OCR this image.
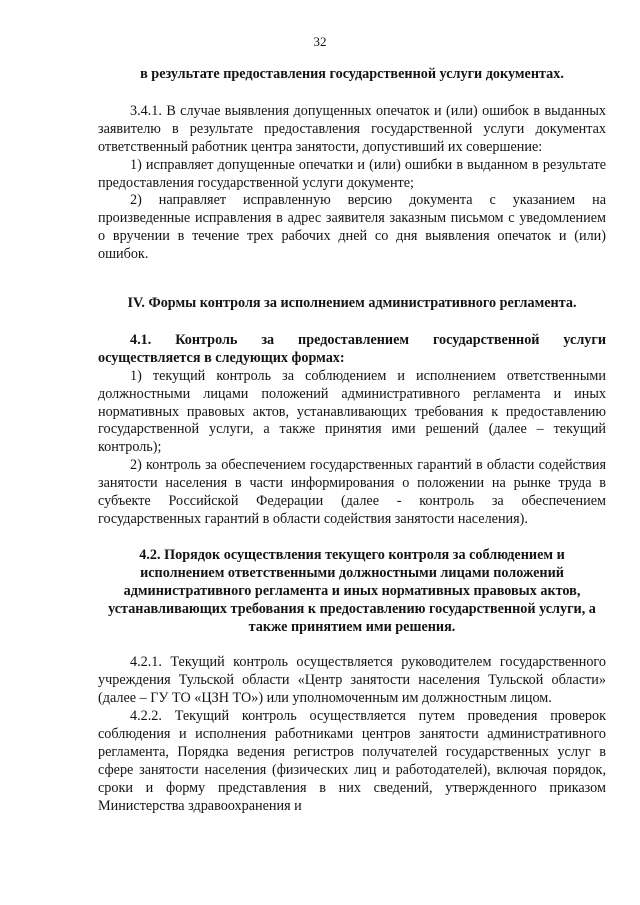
32

в результате предоставления государственной услуги документах.

3.4.1. В случае выявления допущенных опечаток и (или) ошибок в выданных заявителю в результате предоставления государственной услуги документах ответственный работник центра занятости, допустивший их совершение:

1) исправляет допущенные опечатки и (или) ошибки в выданном в результате предоставления государственной услуги документе;

2) направляет исправленную версию документа с указанием на произведенные исправления в адрес заявителя заказным письмом с уведомлением о вручении в течение трех рабочих дней со дня выявления опечаток и (или) ошибок.

IV. Формы контроля за исполнением административного регламента.

4.1. Контроль за предоставлением государственной услуги осуществляется в следующих формах:

1) текущий контроль за соблюдением и исполнением ответственными должностными лицами положений административного регламента и иных нормативных правовых актов, устанавливающих требования к предоставлению государственной услуги, а также принятия ими решений (далее – текущий контроль);

2) контроль за обеспечением государственных гарантий в области содействия занятости населения в части информирования о положении на рынке труда в субъекте Российской Федерации (далее - контроль за обеспечением государственных гарантий в области содействия занятости населения).

4.2. Порядок осуществления текущего контроля за соблюдением и исполнением ответственными должностными лицами положений административного регламента и иных нормативных правовых актов, устанавливающих требования к предоставлению государственной услуги, а также принятием ими решения.

4.2.1. Текущий контроль осуществляется руководителем государственного учреждения Тульской области «Центр занятости населения Тульской области» (далее – ГУ ТО «ЦЗН ТО») или уполномоченным им должностным лицом.

4.2.2. Текущий контроль осуществляется путем проведения проверок соблюдения и исполнения работниками центров занятости административного регламента, Порядка ведения регистров получателей государственных услуг в сфере занятости населения (физических лиц и работодателей), включая порядок, сроки и форму представления в них сведений, утвержденного приказом Министерства здравоохранения и
